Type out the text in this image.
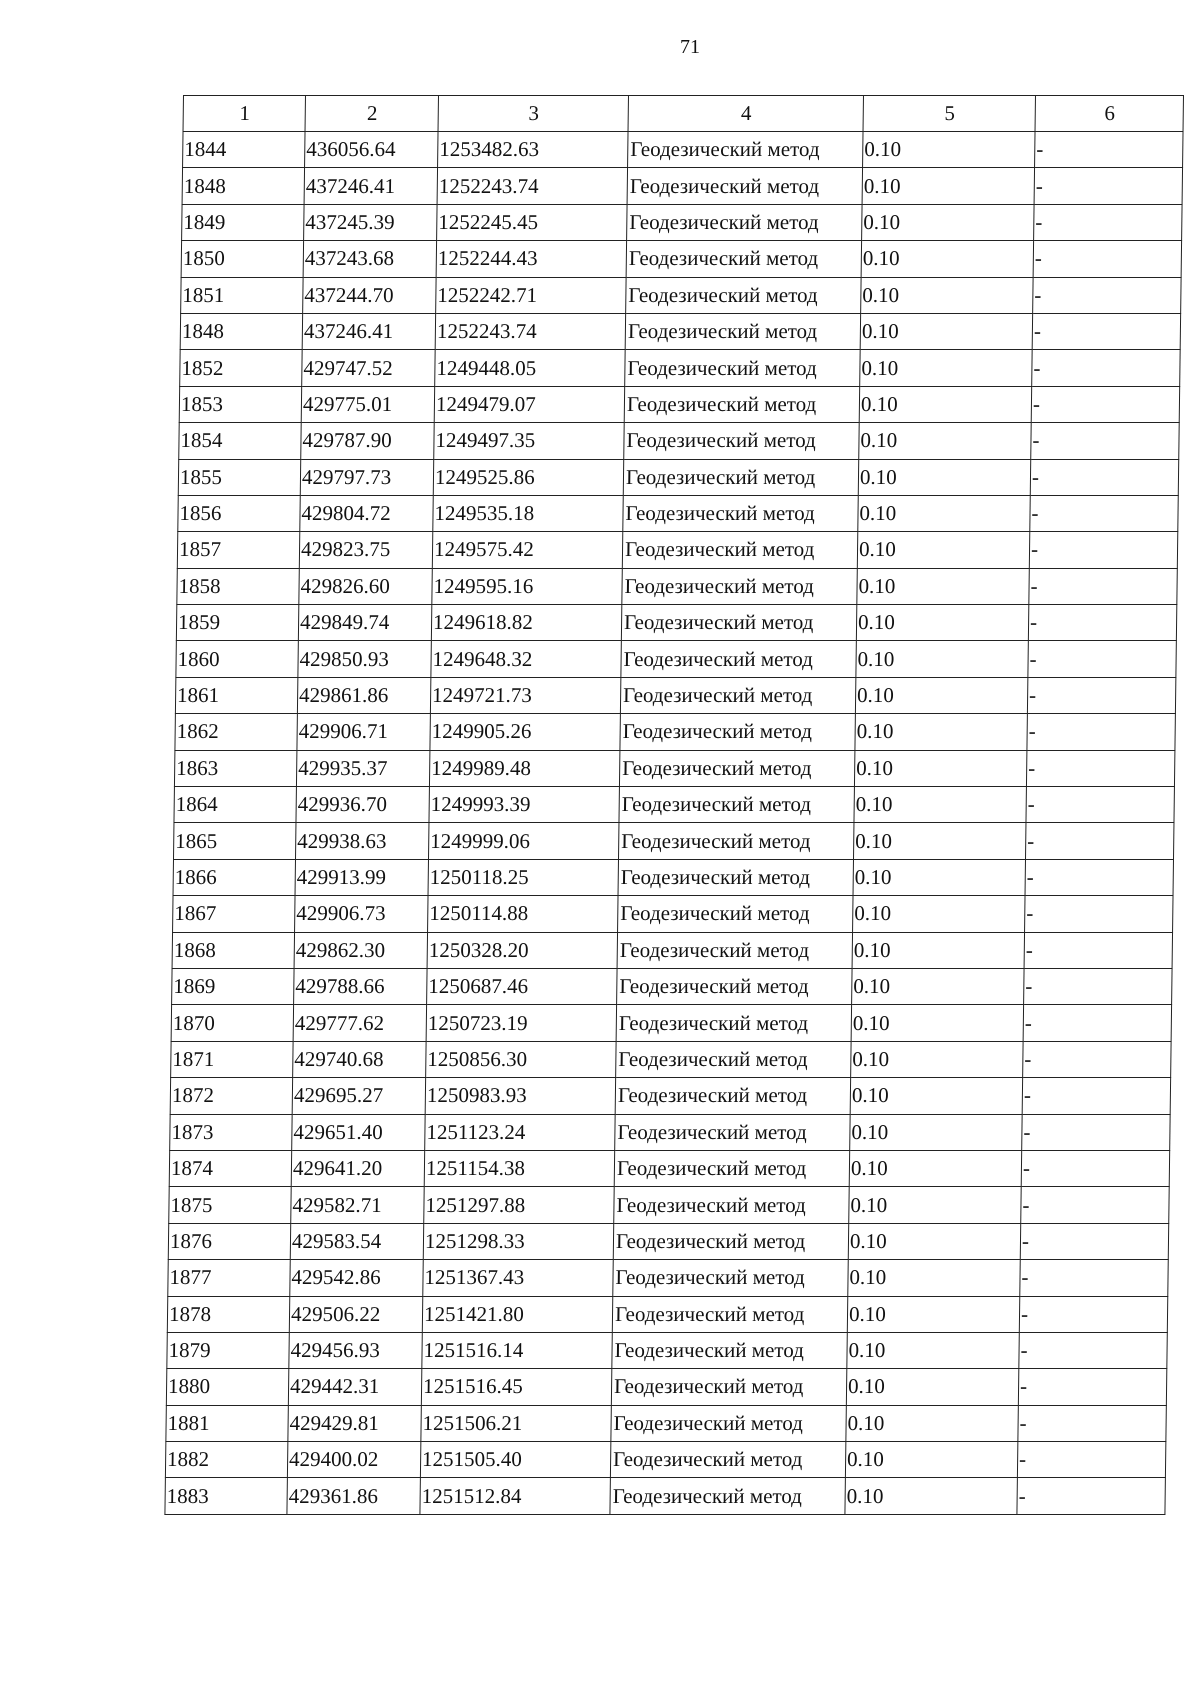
71
1	2	3	4	5	6
1844	436056.64	1253482.63	Геодезический метод	0.10	-
1848	437246.41	1252243.74	Геодезический метод	0.10	-
1849	437245.39	1252245.45	Геодезический метод	0.10	-
1850	437243.68	1252244.43	Геодезический метод	0.10	-
1851	437244.70	1252242.71	Геодезический метод	0.10	-
1848	437246.41	1252243.74	Геодезический метод	0.10	-
1852	429747.52	1249448.05	Геодезический метод	0.10	-
1853	429775.01	1249479.07	Геодезический метод	0.10	-
1854	429787.90	1249497.35	Геодезический метод	0.10	-
1855	429797.73	1249525.86	Геодезический метод	0.10	-
1856	429804.72	1249535.18	Геодезический метод	0.10	-
1857	429823.75	1249575.42	Геодезический метод	0.10	-
1858	429826.60	1249595.16	Геодезический метод	0.10	-
1859	429849.74	1249618.82	Геодезический метод	0.10	-
1860	429850.93	1249648.32	Геодезический метод	0.10	-
1861	429861.86	1249721.73	Геодезический метод	0.10	-
1862	429906.71	1249905.26	Геодезический метод	0.10	-
1863	429935.37	1249989.48	Геодезический метод	0.10	-
1864	429936.70	1249993.39	Геодезический метод	0.10	-
1865	429938.63	1249999.06	Геодезический метод	0.10	-
1866	429913.99	1250118.25	Геодезический метод	0.10	-
1867	429906.73	1250114.88	Геодезический метод	0.10	-
1868	429862.30	1250328.20	Геодезический метод	0.10	-
1869	429788.66	1250687.46	Геодезический метод	0.10	-
1870	429777.62	1250723.19	Геодезический метод	0.10	-
1871	429740.68	1250856.30	Геодезический метод	0.10	-
1872	429695.27	1250983.93	Геодезический метод	0.10	-
1873	429651.40	1251123.24	Геодезический метод	0.10	-
1874	429641.20	1251154.38	Геодезический метод	0.10	-
1875	429582.71	1251297.88	Геодезический метод	0.10	-
1876	429583.54	1251298.33	Геодезический метод	0.10	-
1877	429542.86	1251367.43	Геодезический метод	0.10	-
1878	429506.22	1251421.80	Геодезический метод	0.10	-
1879	429456.93	1251516.14	Геодезический метод	0.10	-
1880	429442.31	1251516.45	Геодезический метод	0.10	-
1881	429429.81	1251506.21	Геодезический метод	0.10	-
1882	429400.02	1251505.40	Геодезический метод	0.10	-
1883	429361.86	1251512.84	Геодезический метод	0.10	-
